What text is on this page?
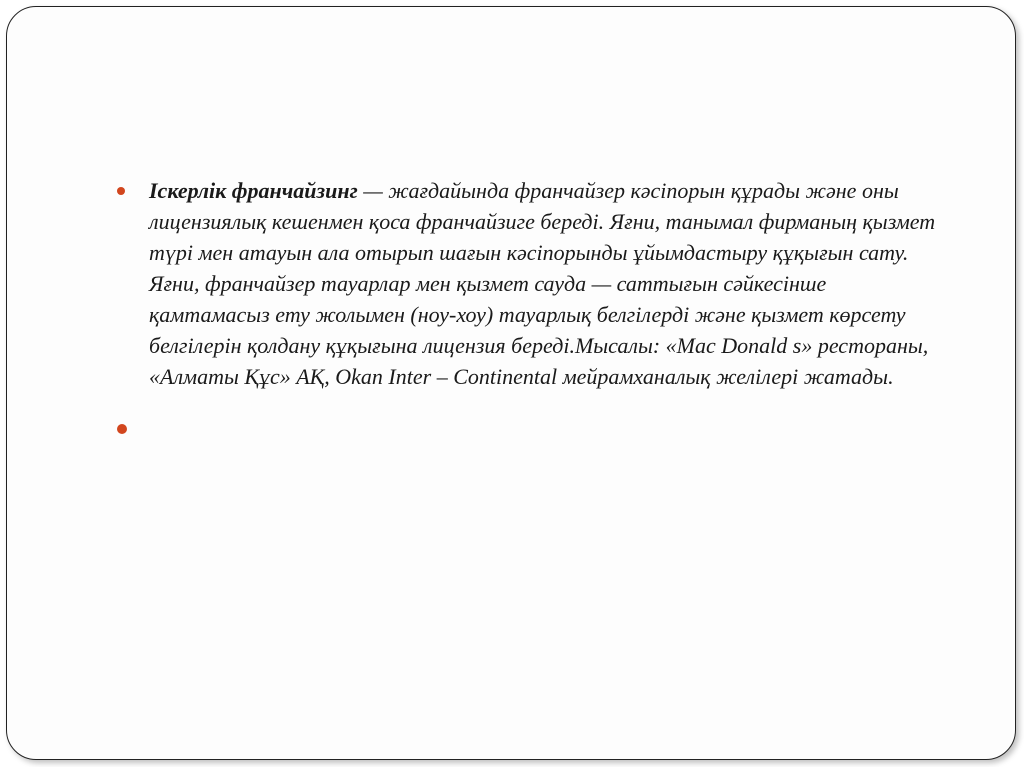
Іскерлік франчайзинг — жағдайында франчайзер кәсіпорын құрады және оны лицензиялық кешенмен қоса франчайзиге береді. Яғни, танымал фирманың қызмет түрі мен атауын ала отырып шағын кәсіпорынды ұйымдастыру құқығын сату. Яғни, франчайзер тауарлар мен қызмет сауда — саттығын сәйкесінше қамтамасыз ету жолымен (ноу-хоу) тауарлық белгілерді және қызмет көрсету белгілерін қолдану құқығына лицензия береді.Мысалы: «Mac Donald s» рестораны, «Алматы Құс» АҚ, Okan Inter – Continental мейрамханалық желілері жатады.
